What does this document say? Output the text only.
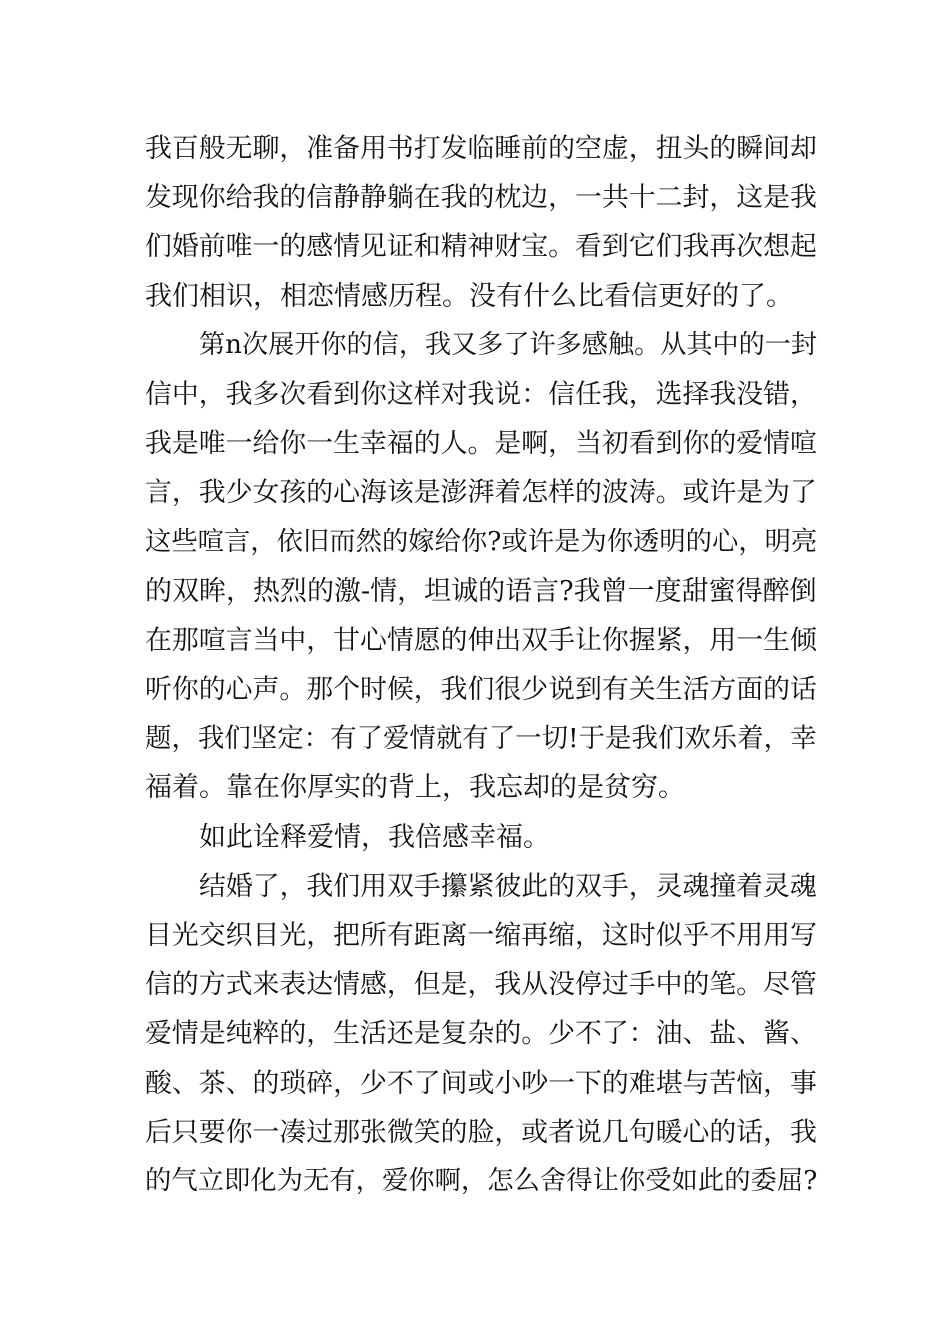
我百般无聊，准备用书打发临睡前的空虚，扭头的瞬间却
发现你给我的信静静躺在我的枕边，一共十二封，这是我
们婚前唯一的感情见证和精神财宝。看到它们我再次想起
我们相识，相恋情感历程。没有什么比看信更好的了。
第n次展开你的信，我又多了许多感触。从其中的一封
信中，我多次看到你这样对我说：信任我，选择我没错，
我是唯一给你一生幸福的人。是啊，当初看到你的爱情喧
言，我少女孩的心海该是澎湃着怎样的波涛。或许是为了
这些喧言，依旧而然的嫁给你?或许是为你透明的心，明亮
的双眸，热烈的激-情，坦诚的语言?我曾一度甜蜜得醉倒
在那喧言当中，甘心情愿的伸出双手让你握紧，用一生倾
听你的心声。那个时候，我们很少说到有关生活方面的话
题，我们坚定：有了爱情就有了一切!于是我们欢乐着，幸
福着。靠在你厚实的背上，我忘却的是贫穷。
如此诠释爱情，我倍感幸福。
结婚了，我们用双手攥紧彼此的双手，灵魂撞着灵魂
目光交织目光，把所有距离一缩再缩，这时似乎不用用写
信的方式来表达情感，但是，我从没停过手中的笔。尽管
爱情是纯粹的，生活还是复杂的。少不了：油、盐、酱、
酸、茶、的琐碎，少不了间或小吵一下的难堪与苦恼，事
后只要你一凑过那张微笑的脸，或者说几句暖心的话，我
的气立即化为无有，爱你啊，怎么舍得让你受如此的委屈?
